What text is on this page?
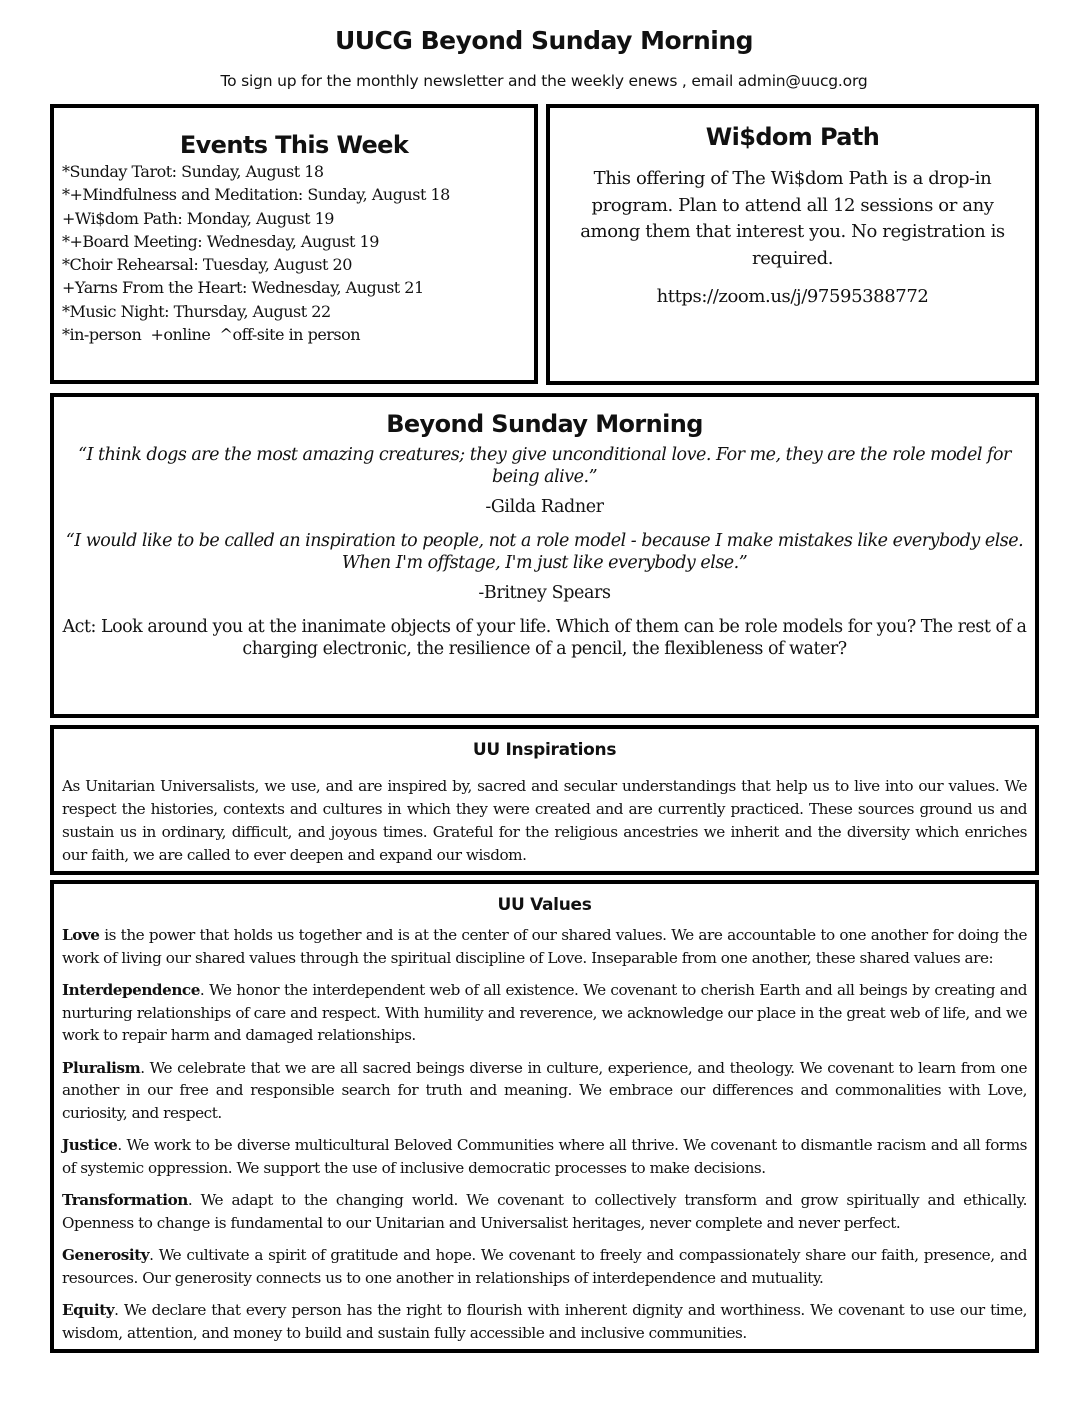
UUCG Beyond Sunday Morning
To sign up for the monthly newsletter and the weekly enews , email admin@uucg.org
Events This Week
*Sunday Tarot: Sunday, August 18
*+Mindfulness and Meditation: Sunday, August 18
+Wi$dom Path: Monday, August 19
*+Board Meeting: Wednesday, August 19
*Choir Rehearsal: Tuesday, August 20
+Yarns From the Heart: Wednesday, August 21
*Music Night: Thursday, August 22
*in-person  +online  ^off-site in person
Wi$dom Path

This offering of The Wi$dom Path is a drop-in program. Plan to attend all 12 sessions or any among them that interest you. No registration is required.

https://zoom.us/j/97595388772

Beyond Sunday Morning

“I think dogs are the most amazing creatures; they give unconditional love. For me, they are the role model for being alive.”

-Gilda Radner

“I would like to be called an inspiration to people, not a role model - because I make mistakes like everybody else. When I'm offstage, I'm just like everybody else.”

-Britney Spears

Act: Look around you at the inanimate objects of your life. Which of them can be role models for you? The rest of a charging electronic, the resilience of a pencil, the flexibleness of water?

UU Inspirations

As Unitarian Universalists, we use, and are inspired by, sacred and secular understandings that help us to live into our values. We respect the histories, contexts and cultures in which they were created and are currently practiced. These sources ground us and sustain us in ordinary, difficult, and joyous times. Grateful for the religious ancestries we inherit and the diversity which enriches our faith, we are called to ever deepen and expand our wisdom.

UU Values

Love is the power that holds us together and is at the center of our shared values. We are accountable to one another for doing the work of living our shared values through the spiritual discipline of Love. Inseparable from one another, these shared values are:

Interdependence. We honor the interdependent web of all existence. We covenant to cherish Earth and all beings by creating and nurturing relationships of care and respect. With humility and reverence, we acknowledge our place in the great web of life, and we work to repair harm and damaged relationships.

Pluralism. We celebrate that we are all sacred beings diverse in culture, experience, and theology. We covenant to learn from one another in our free and responsible search for truth and meaning. We embrace our differences and commonalities with Love, curiosity, and respect.

Justice. We work to be diverse multicultural Beloved Communities where all thrive. We covenant to dismantle racism and all forms of systemic oppression. We support the use of inclusive democratic processes to make decisions.

Transformation. We adapt to the changing world. We covenant to collectively transform and grow spiritually and ethically. Openness to change is fundamental to our Unitarian and Universalist heritages, never complete and never perfect.

Generosity. We cultivate a spirit of gratitude and hope. We covenant to freely and compassionately share our faith, presence, and resources. Our generosity connects us to one another in relationships of interdependence and mutuality.

Equity. We declare that every person has the right to flourish with inherent dignity and worthiness. We covenant to use our time, wisdom, attention, and money to build and sustain fully accessible and inclusive communities.
